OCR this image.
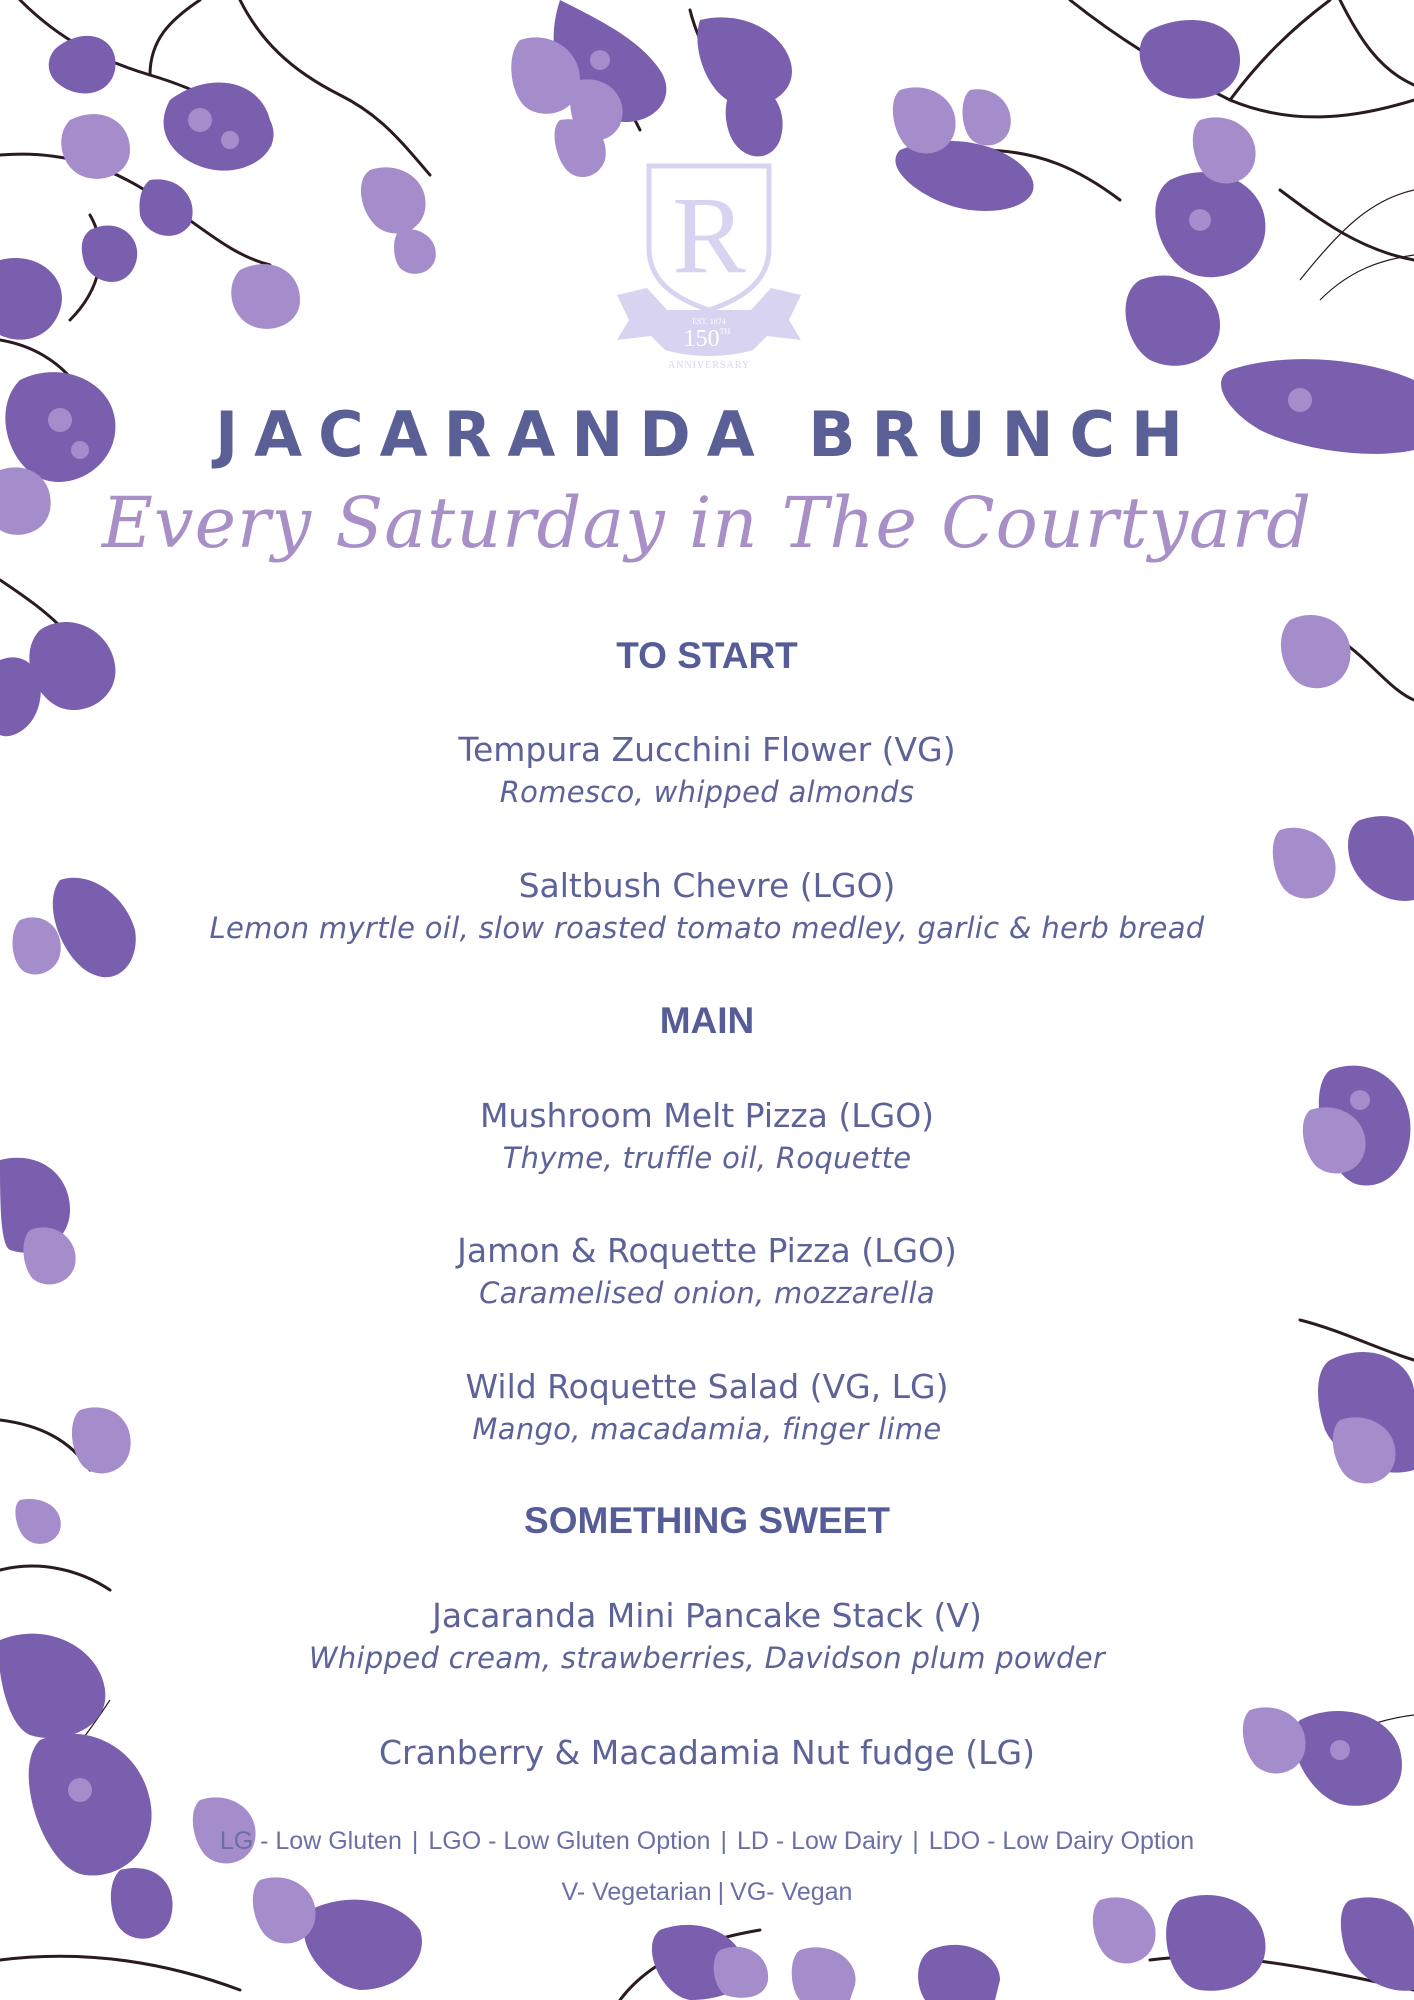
R
EST. 1874
150TH
ANNIVERSARY
JACARANDA BRUNCH
Every Saturday in The Courtyard
TO START
Tempura Zucchini Flower (VG)
Romesco, whipped almonds
Saltbush Chevre (LGO)
Lemon myrtle oil, slow roasted tomato medley, garlic & herb bread
MAIN
Mushroom Melt Pizza (LGO)
Thyme, truffle oil, Roquette
Jamon & Roquette Pizza (LGO)
Caramelised onion, mozzarella
Wild Roquette Salad (VG, LG)
Mango, macadamia, finger lime
SOMETHING SWEET
Jacaranda Mini Pancake Stack (V)
Whipped cream, strawberries, Davidson plum powder
Cranberry & Macadamia Nut fudge (LG)
LG - Low Gluten | LGO - Low Gluten Option | LD - Low Dairy | LDO - Low Dairy Option
V- Vegetarian | VG- Vegan
